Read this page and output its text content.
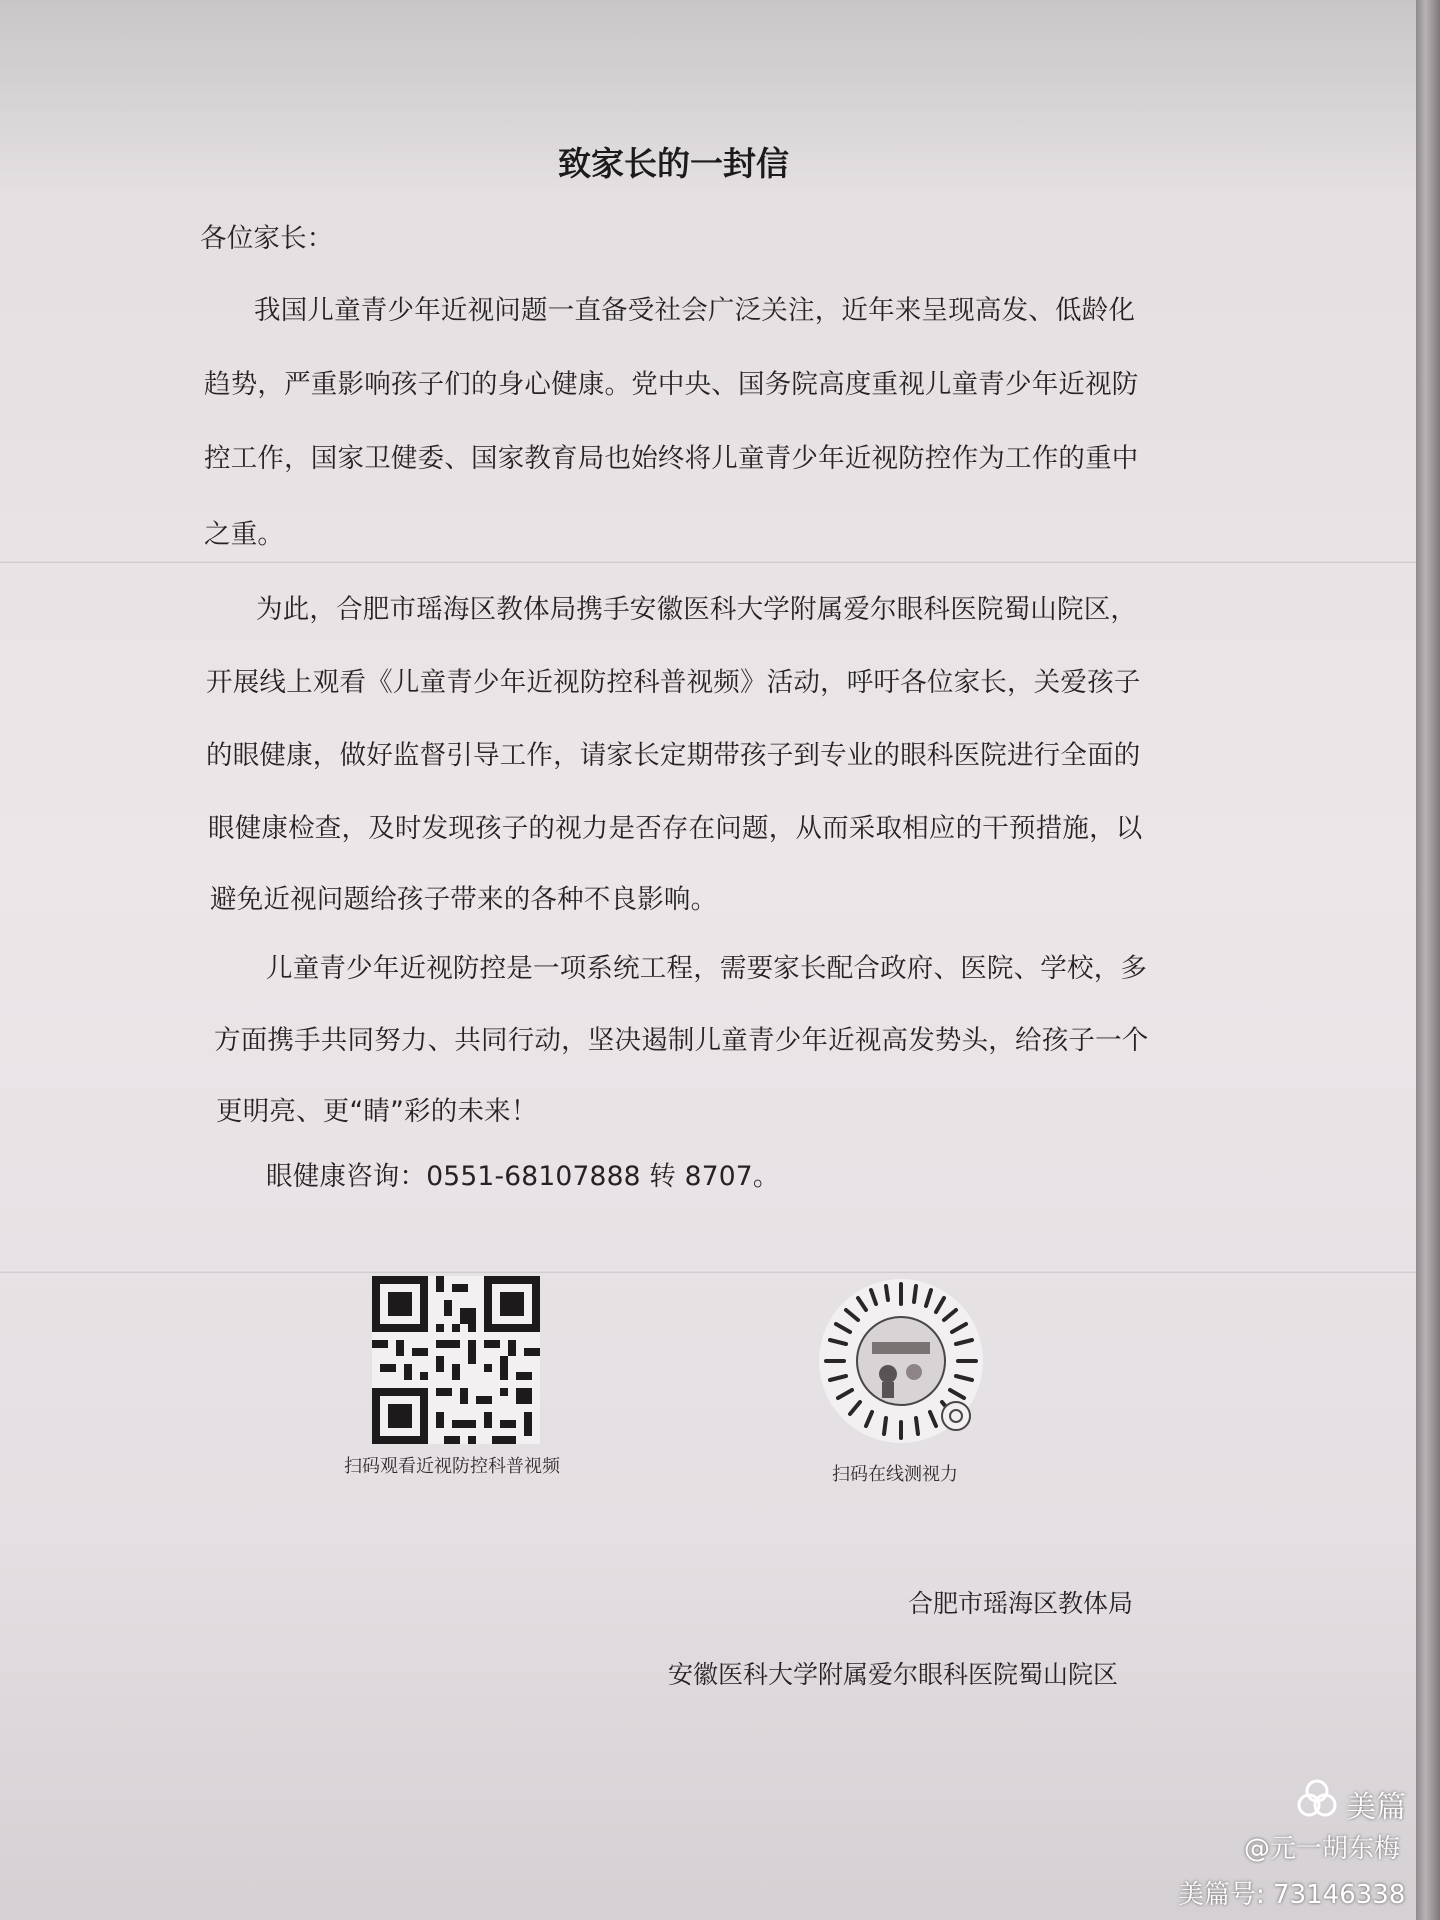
致家长的一封信
各位家长：
我国儿童青少年近视问题一直备受社会广泛关注，近年来呈现高发、低龄化
趋势，严重影响孩子们的身心健康。党中央、国务院高度重视儿童青少年近视防
控工作，国家卫健委、国家教育局也始终将儿童青少年近视防控作为工作的重中
之重。
为此，合肥市瑶海区教体局携手安徽医科大学附属爱尔眼科医院蜀山院区，
开展线上观看《儿童青少年近视防控科普视频》活动，呼吁各位家长，关爱孩子
的眼健康，做好监督引导工作，请家长定期带孩子到专业的眼科医院进行全面的
眼健康检查，及时发现孩子的视力是否存在问题，从而采取相应的干预措施，以
避免近视问题给孩子带来的各种不良影响。
儿童青少年近视防控是一项系统工程，需要家长配合政府、医院、学校，多
方面携手共同努力、共同行动，坚决遏制儿童青少年近视高发势头，给孩子一个
更明亮、更“睛”彩的未来！
眼健康咨询：0551-68107888 转 8707。
扫码观看近视防控科普视频	扫码在线测视力
合肥市瑶海区教体局
安徽医科大学附属爱尔眼科医院蜀山院区
美篇
@元一胡东梅
美篇号: 73146338
